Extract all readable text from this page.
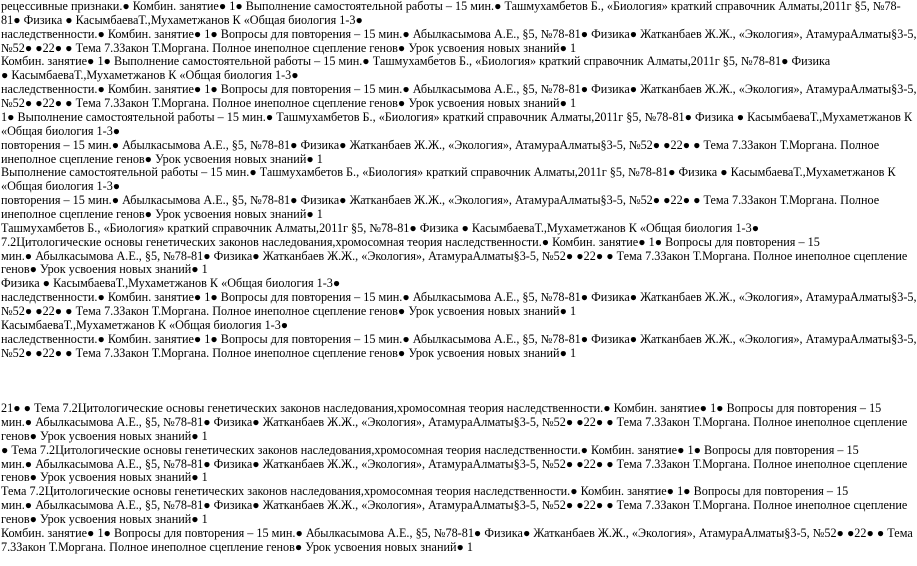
рецессивные признаки.● Комбин. занятие● 1● Выполнение самостоятельной работы – 15 мин.● Ташмухамбетов Б., «Биология» краткий справочник Алматы,2011г §5, №78-
81● Физика ● КасымбаеваТ.,Мухаметжанов К «Общая биология 1-3●
наследственности.● Комбин. занятие● 1● Вопросы для повторения – 15 мин.● Абылкасымова А.Е., §5, №78-81● Физика● Жатканбаев Ж.Ж., «Экология», АтамураАлматы§3-5,
№52● ●22● ● Тема 7.3Закон Т.Моргана. Полное инеполное сцепление генов● Урок усвоения новых знаний● 1
Комбин. занятие● 1● Выполнение самостоятельной работы – 15 мин.● Ташмухамбетов Б., «Биология» краткий справочник Алматы,2011г §5, №78-81● Физика
● КасымбаеваТ.,Мухаметжанов К «Общая биология 1-3●
наследственности.● Комбин. занятие● 1● Вопросы для повторения – 15 мин.● Абылкасымова А.Е., §5, №78-81● Физика● Жатканбаев Ж.Ж., «Экология», АтамураАлматы§3-5,
№52● ●22● ● Тема 7.3Закон Т.Моргана. Полное инеполное сцепление генов● Урок усвоения новых знаний● 1
1● Выполнение самостоятельной работы – 15 мин.● Ташмухамбетов Б., «Биология» краткий справочник Алматы,2011г §5, №78-81● Физика ● КасымбаеваТ.,Мухаметжанов К
«Общая биология 1-3●
повторения – 15 мин.● Абылкасымова А.Е., §5, №78-81● Физика● Жатканбаев Ж.Ж., «Экология», АтамураАлматы§3-5, №52● ●22● ● Тема 7.3Закон Т.Моргана. Полное
инеполное сцепление генов● Урок усвоения новых знаний● 1
Выполнение самостоятельной работы – 15 мин.● Ташмухамбетов Б., «Биология» краткий справочник Алматы,2011г §5, №78-81● Физика ● КасымбаеваТ.,Мухаметжанов К
«Общая биология 1-3●
повторения – 15 мин.● Абылкасымова А.Е., §5, №78-81● Физика● Жатканбаев Ж.Ж., «Экология», АтамураАлматы§3-5, №52● ●22● ● Тема 7.3Закон Т.Моргана. Полное
инеполное сцепление генов● Урок усвоения новых знаний● 1
Ташмухамбетов Б., «Биология» краткий справочник Алматы,2011г §5, №78-81● Физика ● КасымбаеваТ.,Мухаметжанов К «Общая биология 1-3●
7.2Цитологические основы генетических законов наследования,хромосомная теория наследственности.● Комбин. занятие● 1● Вопросы для повторения – 15
мин.● Абылкасымова А.Е., §5, №78-81● Физика● Жатканбаев Ж.Ж., «Экология», АтамураАлматы§3-5, №52● ●22● ● Тема 7.3Закон Т.Моргана. Полное инеполное сцепление
генов● Урок усвоения новых знаний● 1
Физика ● КасымбаеваТ.,Мухаметжанов К «Общая биология 1-3●
наследственности.● Комбин. занятие● 1● Вопросы для повторения – 15 мин.● Абылкасымова А.Е., §5, №78-81● Физика● Жатканбаев Ж.Ж., «Экология», АтамураАлматы§3-5,
№52● ●22● ● Тема 7.3Закон Т.Моргана. Полное инеполное сцепление генов● Урок усвоения новых знаний● 1
КасымбаеваТ.,Мухаметжанов К «Общая биология 1-3●
наследственности.● Комбин. занятие● 1● Вопросы для повторения – 15 мин.● Абылкасымова А.Е., §5, №78-81● Физика● Жатканбаев Ж.Ж., «Экология», АтамураАлматы§3-5,
№52● ●22● ● Тема 7.3Закон Т.Моргана. Полное инеполное сцепление генов● Урок усвоения новых знаний● 1
21● ● Тема 7.2Цитологические основы генетических законов наследования,хромосомная теория наследственности.● Комбин. занятие● 1● Вопросы для повторения – 15
мин.● Абылкасымова А.Е., §5, №78-81● Физика● Жатканбаев Ж.Ж., «Экология», АтамураАлматы§3-5, №52● ●22● ● Тема 7.3Закон Т.Моргана. Полное инеполное сцепление
генов● Урок усвоения новых знаний● 1
● Тема 7.2Цитологические основы генетических законов наследования,хромосомная теория наследственности.● Комбин. занятие● 1● Вопросы для повторения – 15
мин.● Абылкасымова А.Е., §5, №78-81● Физика● Жатканбаев Ж.Ж., «Экология», АтамураАлматы§3-5, №52● ●22● ● Тема 7.3Закон Т.Моргана. Полное инеполное сцепление
генов● Урок усвоения новых знаний● 1
Тема 7.2Цитологические основы генетических законов наследования,хромосомная теория наследственности.● Комбин. занятие● 1● Вопросы для повторения – 15
мин.● Абылкасымова А.Е., §5, №78-81● Физика● Жатканбаев Ж.Ж., «Экология», АтамураАлматы§3-5, №52● ●22● ● Тема 7.3Закон Т.Моргана. Полное инеполное сцепление
генов● Урок усвоения новых знаний● 1
Комбин. занятие● 1● Вопросы для повторения – 15 мин.● Абылкасымова А.Е., §5, №78-81● Физика● Жатканбаев Ж.Ж., «Экология», АтамураАлматы§3-5, №52● ●22● ● Тема
7.3Закон Т.Моргана. Полное инеполное сцепление генов● Урок усвоения новых знаний● 1
